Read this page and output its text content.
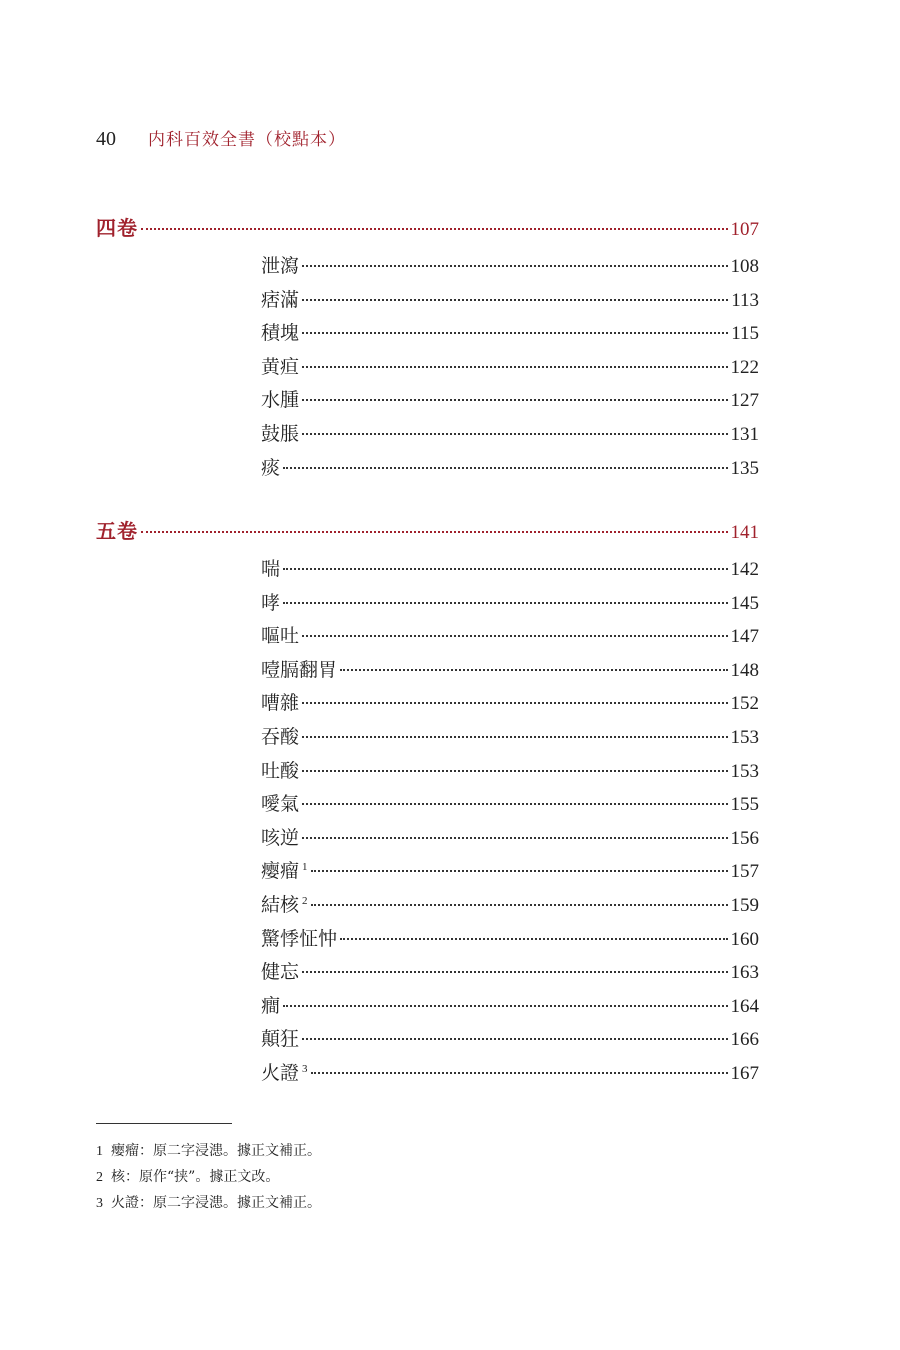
40 内科百效全書（校點本）
四卷	107
泄瀉	108
痞滿	113
積塊	115
黄疸	122
水腫	127
鼓脹	131
痰	135
五卷	141
喘	142
哮	145
嘔吐	147
噎膈翻胃	148
嘈雜	152
吞酸	153
吐酸	153
噯氣	155
咳逆	156
瘿瘤 $^1$	157
結核 $^2$	159
驚悸怔忡	160
健忘	163
癎	164
顛狂	166
火證 $^3$	167
1 瘿瘤：原二字浸漶。據正文補正。
2 核：原作“挟”。據正文改。
3 火證：原二字浸漶。據正文補正。
